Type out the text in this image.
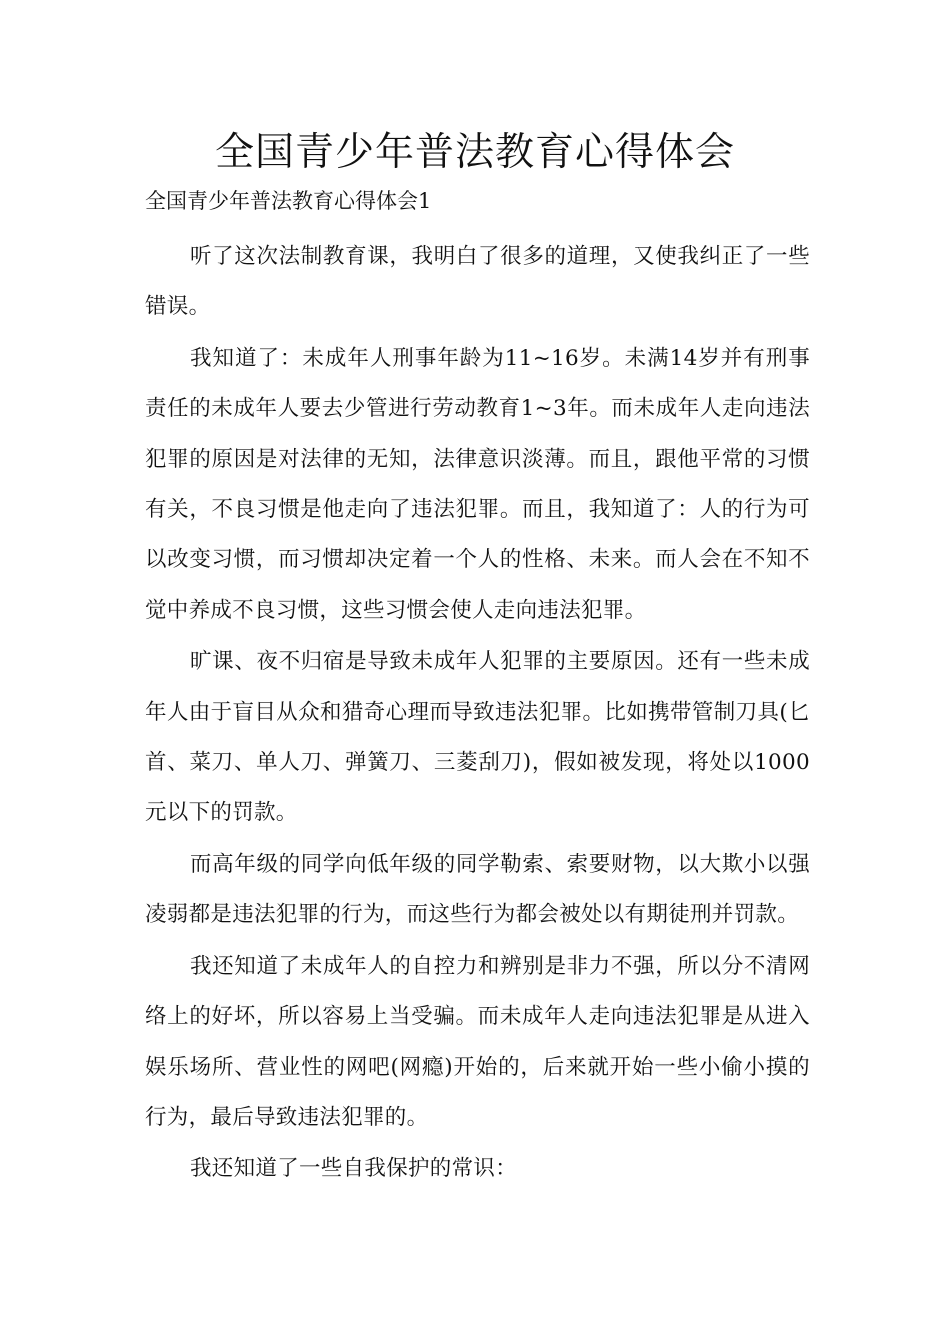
全国青少年普法教育心得体会

全国青少年普法教育心得体会1

听了这次法制教育课，我明白了很多的道理，又使我纠正了一些错误。

我知道了：未成年人刑事年龄为11~16岁。未满14岁并有刑事责任的未成年人要去少管进行劳动教育1~3年。而未成年人走向违法犯罪的原因是对法律的无知，法律意识淡薄。而且，跟他平常的习惯有关，不良习惯是他走向了违法犯罪。而且，我知道了：人的行为可以改变习惯，而习惯却决定着一个人的性格、未来。而人会在不知不觉中养成不良习惯，这些习惯会使人走向违法犯罪。

旷课、夜不归宿是导致未成年人犯罪的主要原因。还有一些未成年人由于盲目从众和猎奇心理而导致违法犯罪。比如携带管制刀具(匕首、菜刀、单人刀、弹簧刀、三菱刮刀)，假如被发现，将处以1000元以下的罚款。

而高年级的同学向低年级的同学勒索、索要财物，以大欺小以强凌弱都是违法犯罪的行为，而这些行为都会被处以有期徒刑并罚款。

我还知道了未成年人的自控力和辨别是非力不强，所以分不清网络上的好坏，所以容易上当受骗。而未成年人走向违法犯罪是从进入娱乐场所、营业性的网吧(网瘾)开始的，后来就开始一些小偷小摸的行为，最后导致违法犯罪的。

我还知道了一些自我保护的常识：
